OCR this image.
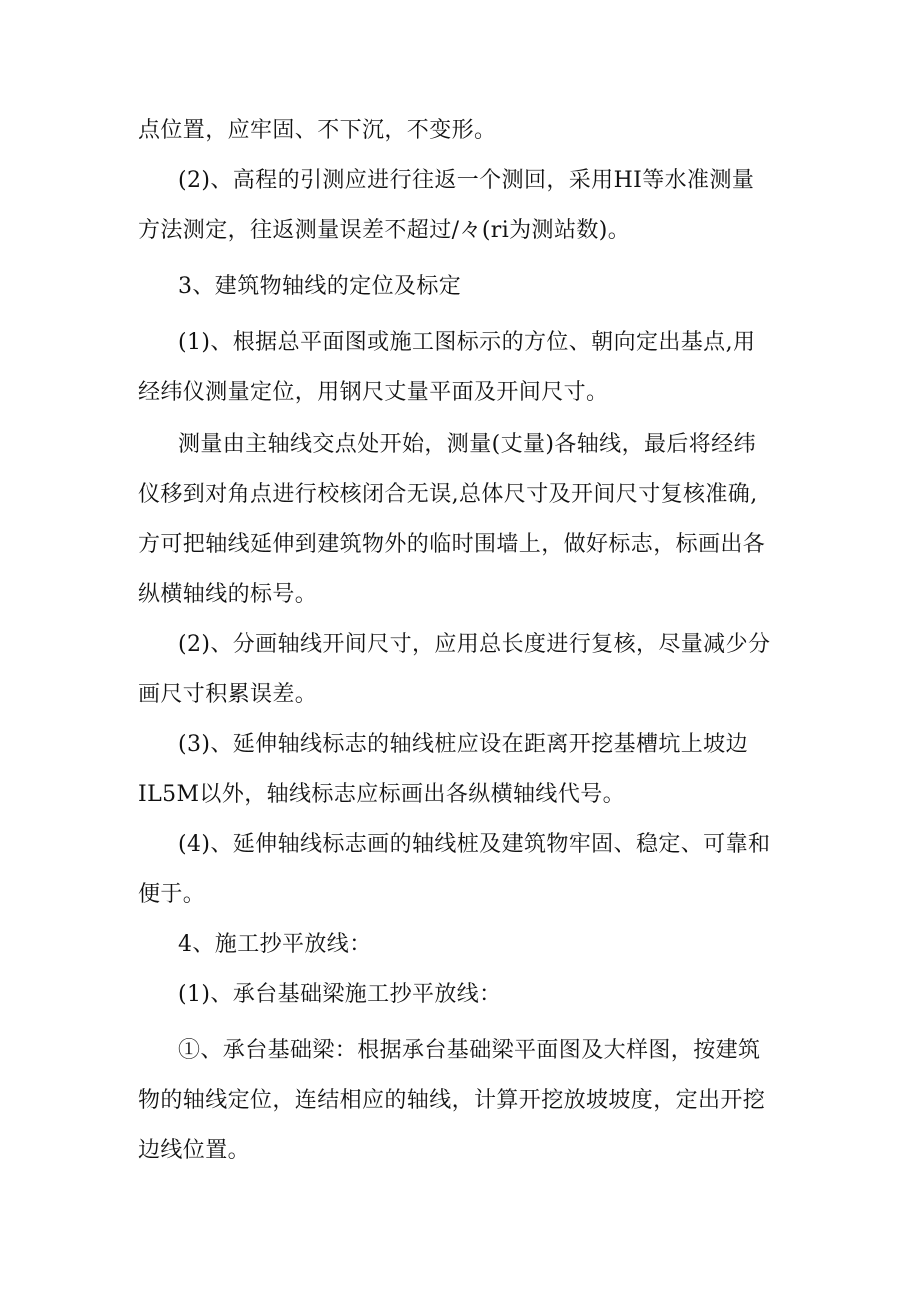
点位置，应牢固、不下沉，不变形。
(2)、高程的引测应进行往返一个测回，采用HI等水准测量
方法测定，往返测量误差不超过/々(ri为测站数)。
3、建筑物轴线的定位及标定
(1)、根据总平面图或施工图标示的方位、朝向定出基点,用
经纬仪测量定位，用钢尺丈量平面及开间尺寸。
测量由主轴线交点处开始，测量(丈量)各轴线，最后将经纬
仪移到对角点进行校核闭合无误,总体尺寸及开间尺寸复核准确,
方可把轴线延伸到建筑物外的临时围墙上，做好标志，标画出各
纵横轴线的标号。
(2)、分画轴线开间尺寸，应用总长度进行复核，尽量减少分
画尺寸积累误差。
(3)、延伸轴线标志的轴线桩应设在距离开挖基槽坑上坡边
IL5M以外，轴线标志应标画出各纵横轴线代号。
(4)、延伸轴线标志画的轴线桩及建筑物牢固、稳定、可靠和
便于。
4、施工抄平放线：
(1)、承台基础梁施工抄平放线：
①、承台基础梁：根据承台基础梁平面图及大样图，按建筑
物的轴线定位，连结相应的轴线，计算开挖放坡坡度，定出开挖
边线位置。
